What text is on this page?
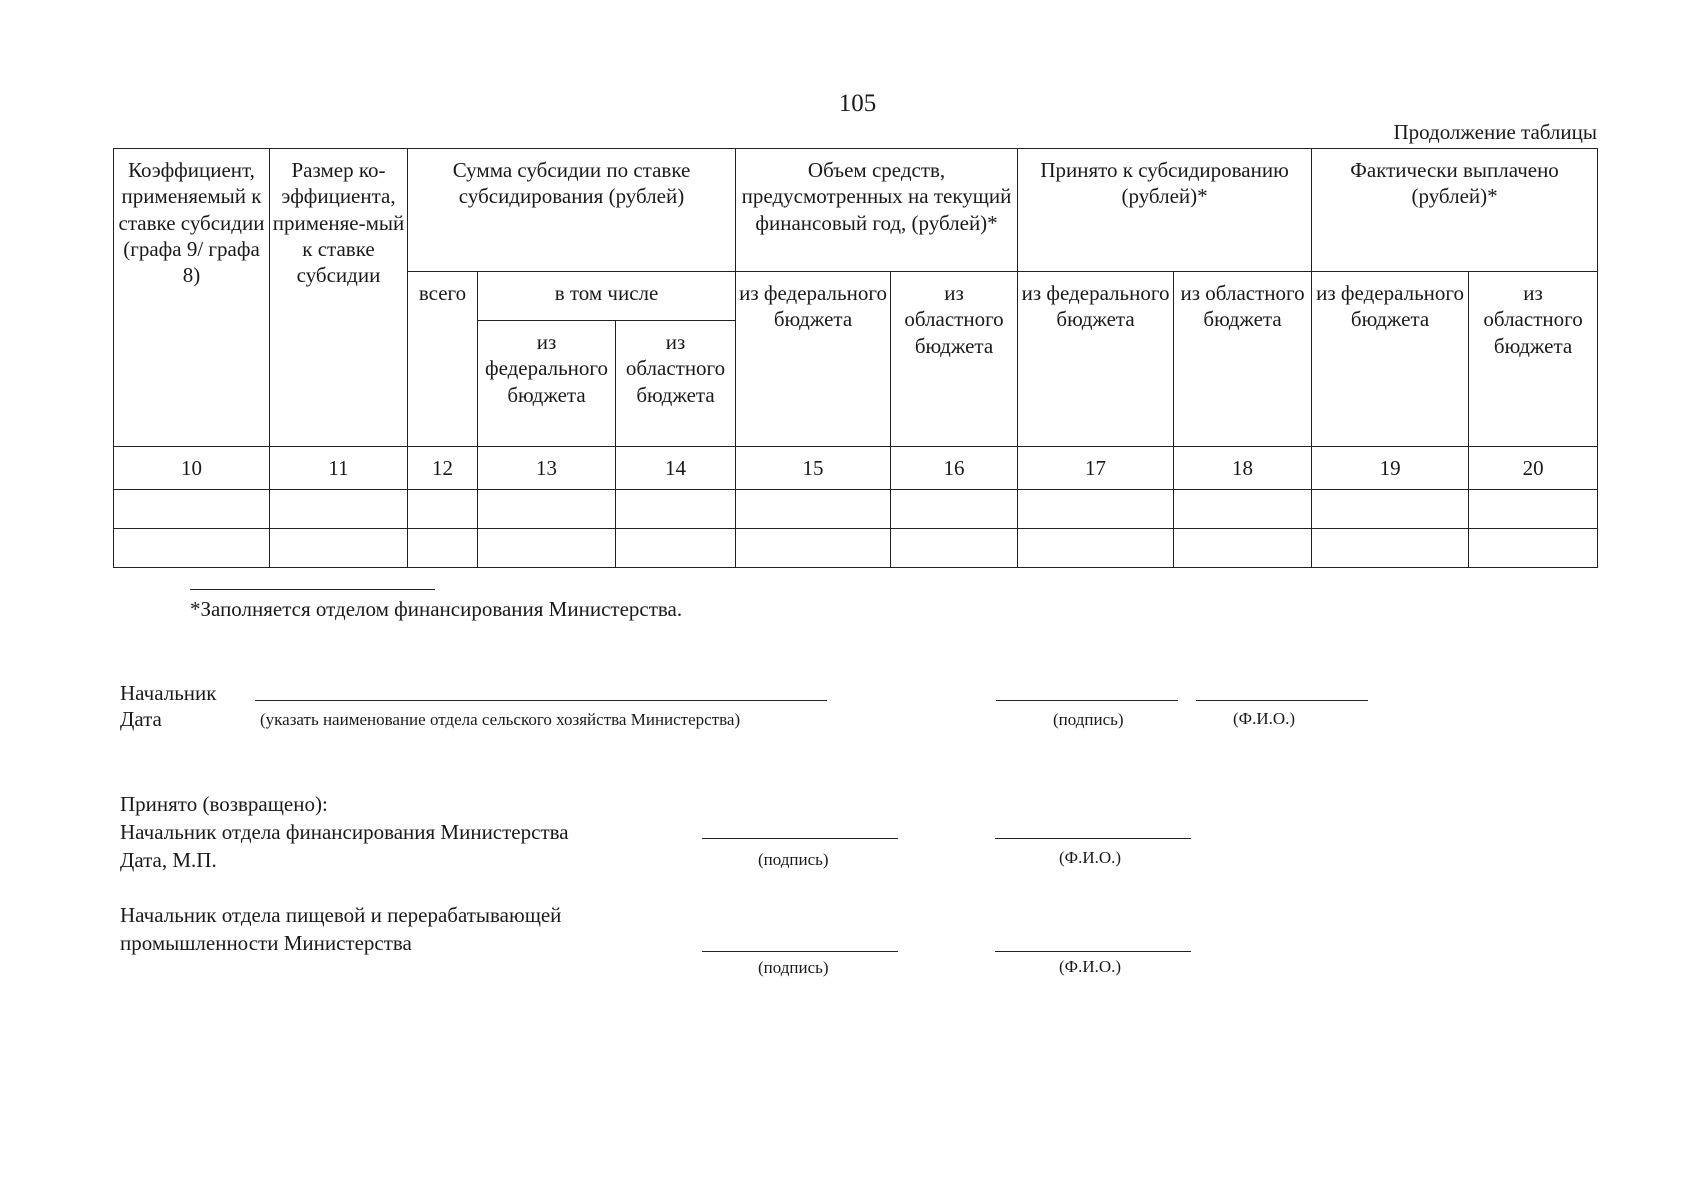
105
Продолжение таблицы
Коэффициент, применяемый к ставке субсидии (графа 9/ графа 8)	Размер ко-эффициента, применяе-мый к ставке субсидии	Сумма субсидии по ставке субсидирования (рублей)			Объем средств, предусмотренных на текущий финансовый год, (рублей)*		Принято к субсидированию (рублей)*		Фактически выплачено (рублей)*	
		всего	в том числе		из федерального бюджета	из областного бюджета	из федерального бюджета	из областного бюджета	из федерального бюджета	из областного бюджета
			из федерального бюджета	из областного бюджета						
10	11	12	13	14	15	16	17	18	19	20

*Заполняется отделом финансирования Министерства.
Начальник
Дата	(указать наименование отдела сельского хозяйства Министерства)	(подпись)	(Ф.И.О.)
Принято (возвращено):
Начальник отдела финансирования Министерства
Дата, М.П.	(подпись)	(Ф.И.О.)
Начальник отдела пищевой и перерабатывающей
промышленности Министерства
(подпись)	(Ф.И.О.)
